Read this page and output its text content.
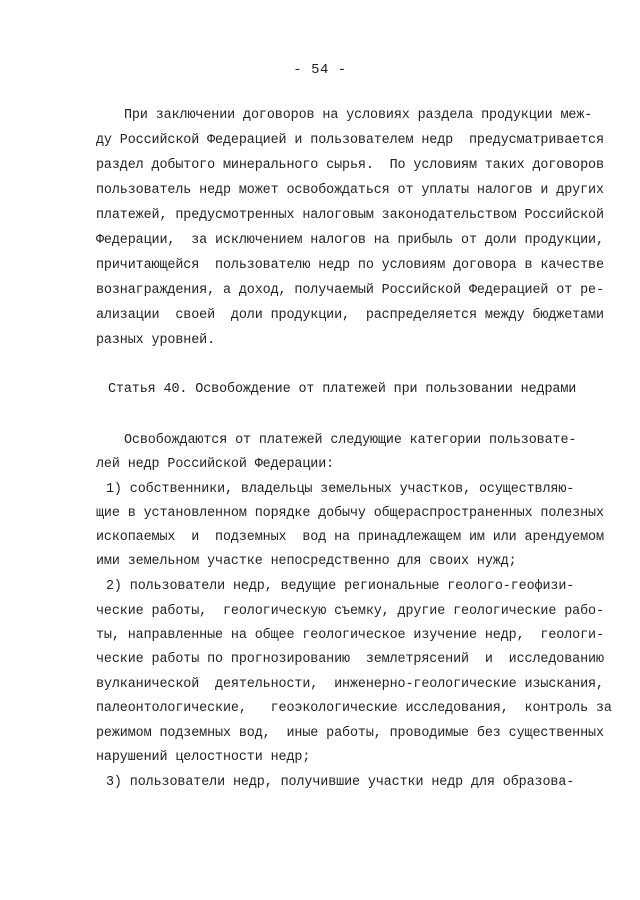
- 54 -
При заключении договоров на условиях раздела продукции меж-
ду Российской Федерацией и пользователем недр  предусматривается
раздел добытого минерального сырья.  По условиям таких договоров
пользователь недр может освобождаться от уплаты налогов и других
платежей, предусмотренных налоговым законодательством Российской
Федерации,  за исключением налогов на прибыль от доли продукции,
причитающейся  пользователю недр по условиям договора в качестве
вознаграждения, а доход, получаемый Российской Федерацией от ре-
ализации  своей  доли продукции,  распределяется между бюджетами
разных уровней.
Статья 40. Освобождение от платежей при пользовании недрами
Освобождаются от платежей следующие категории пользовате-
лей недр Российской Федерации:
1) собственники, владельцы земельных участков, осуществляю-
щие в установленном порядке добычу общераспространенных полезных
ископаемых  и  подземных  вод на принадлежащем им или арендуемом
ими земельном участке непосредственно для своих нужд;
2) пользователи недр, ведущие региональные геолого-геофизи-
ческие работы,  геологическую съемку, другие геологические рабо-
ты, направленные на общее геологическое изучение недр,  геологи-
ческие работы по прогнозированию  землетрясений  и  исследованию
вулканической  деятельности,  инженерно-геологические изыскания,
палеонтологические,   геоэкологические исследования,  контроль за
режимом подземных вод,  иные работы, проводимые без существенных
нарушений целостности недр;
3) пользователи недр, получившие участки недр для образова-
